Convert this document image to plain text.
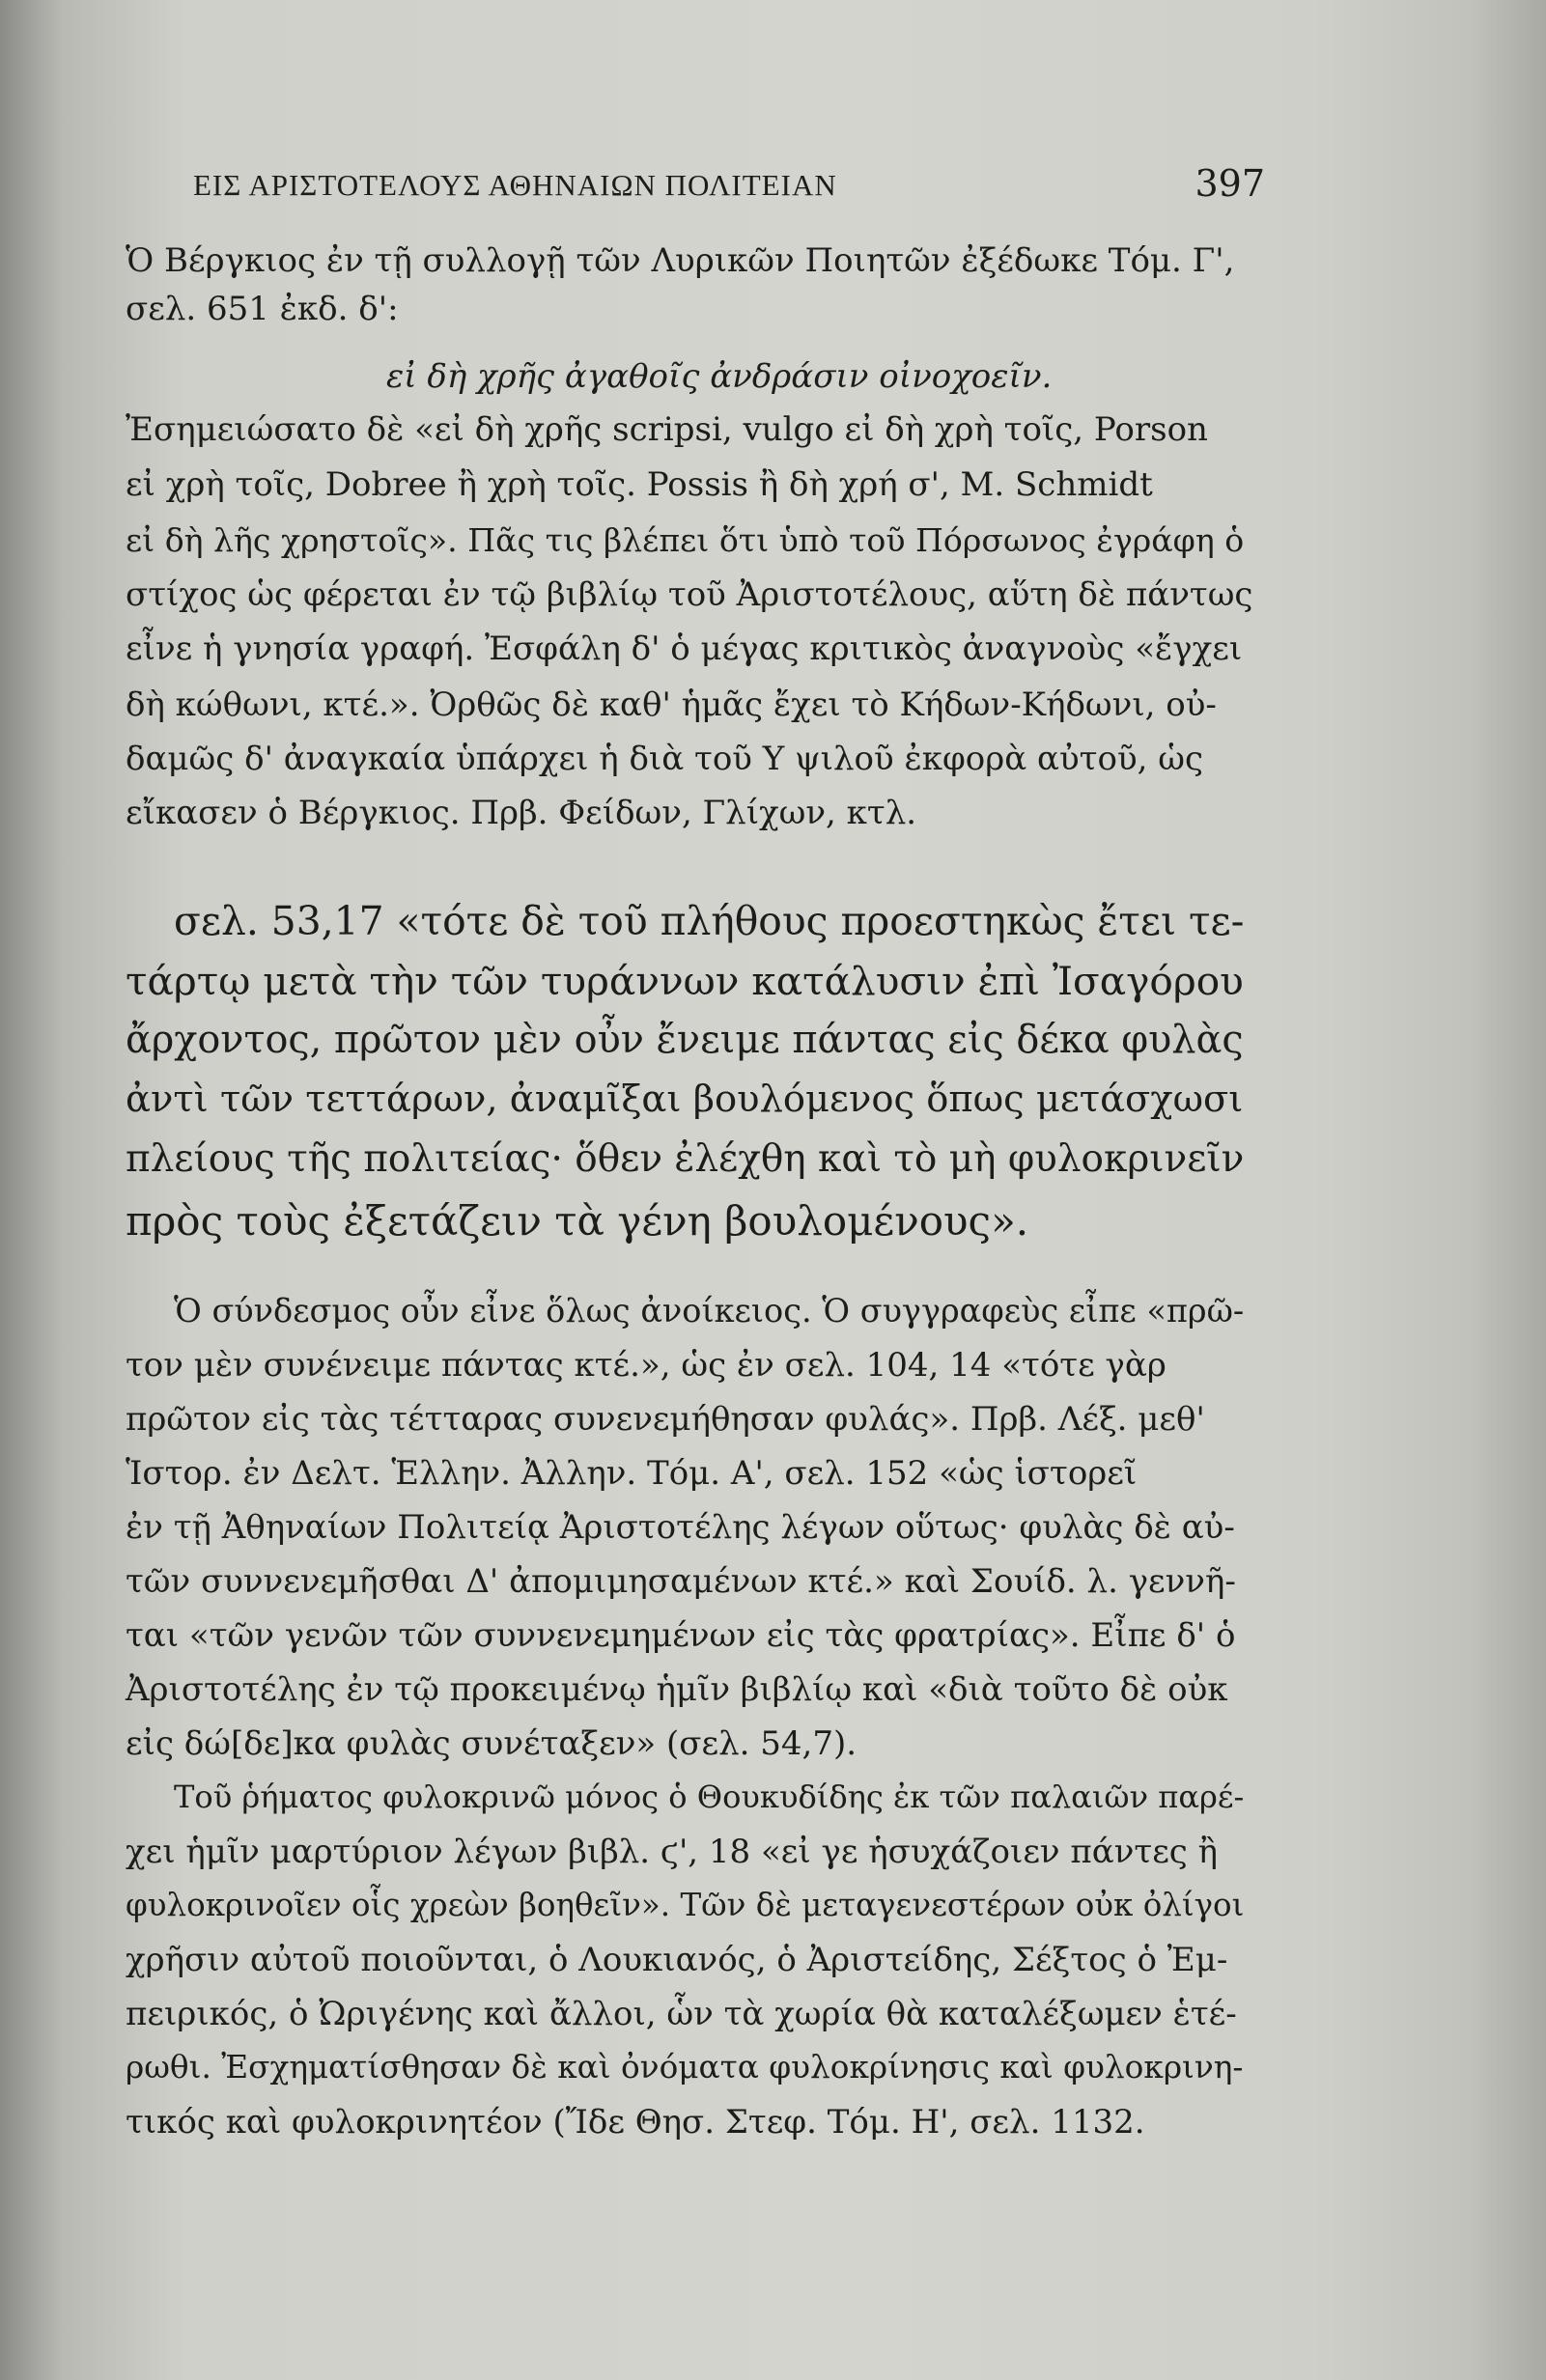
ΕΙΣ ΑΡΙΣΤΟΤΕΛΟΥΣ ΑΘΗΝΑΙΩΝ ΠΟΛΙΤΕΙΑΝ	397
Ὁ Βέργκιος ἐν τῇ συλλογῇ τῶν Λυρικῶν Ποιητῶν ἐξέδωκε Τόμ. Γ',
σελ. 651 ἐκδ. δ':
εἰ δὴ χρῆς ἀγαθοῖς ἀνδράσιν οἰνοχοεῖν.
Ἐσημειώσατο δὲ «εἰ δὴ χρῆς scripsi, vulgo εἰ δὴ χρὴ τοῖς, Porson
εἰ χρὴ τοῖς, Dobree ἢ χρὴ τοῖς. Possis ἢ δὴ χρή σ', M. Schmidt
εἰ δὴ λῆς χρηστοῖς». Πᾶς τις βλέπει ὅτι ὑπὸ τοῦ Πόρσωνος ἐγράφη ὁ
στίχος ὡς φέρεται ἐν τῷ βιβλίῳ τοῦ Ἀριστοτέλους, αὕτη δὲ πάντως
εἶνε ἡ γνησία γραφή. Ἐσφάλη δ' ὁ μέγας κριτικὸς ἀναγνοὺς «ἔγχει
δὴ κώθωνι, κτέ.». Ὀρθῶς δὲ καθ' ἡμᾶς ἔχει τὸ Κήδων-Κήδωνι, οὐ-
δαμῶς δ' ἀναγκαία ὑπάρχει ἡ διὰ τοῦ Υ ψιλοῦ ἐκφορὰ αὐτοῦ, ὡς
εἴκασεν ὁ Βέργκιος. Πρβ. Φείδων, Γλίχων, κτλ.
σελ. 53,17 «τότε δὲ τοῦ πλήθους προεστηκὼς ἔτει τε-
τάρτῳ μετὰ τὴν τῶν τυράννων κατάλυσιν ἐπὶ Ἰσαγόρου
ἄρχοντος, πρῶτον μὲν οὖν ἔνειμε πάντας εἰς δέκα φυλὰς
ἀντὶ τῶν τεττάρων, ἀναμῖξαι βουλόμενος ὅπως μετάσχωσι
πλείους τῆς πολιτείας· ὅθεν ἐλέχθη καὶ τὸ μὴ φυλοκρινεῖν
πρὸς τοὺς ἐξετάζειν τὰ γένη βουλομένους».
Ὁ σύνδεσμος οὖν εἶνε ὅλως ἀνοίκειος. Ὁ συγγραφεὺς εἶπε «πρῶ-
τον μὲν συνένειμε πάντας κτέ.», ὡς ἐν σελ. 104, 14 «τότε γὰρ
πρῶτον εἰς τὰς τέτταρας συνενεμήθησαν φυλάς». Πρβ. Λέξ. μεθ'
Ἱστορ. ἐν Δελτ. Ἑλλην. Ἀλλην. Τόμ. Α', σελ. 152 «ὡς ἱστορεῖ
ἐν τῇ Ἀθηναίων Πολιτείᾳ Ἀριστοτέλης λέγων οὕτως· φυλὰς δὲ αὐ-
τῶν συννενεμῆσθαι Δ' ἀπομιμησαμένων κτέ.» καὶ Σουίδ. λ. γεννῆ-
ται «τῶν γενῶν τῶν συννενεμημένων εἰς τὰς φρατρίας». Εἶπε δ' ὁ
Ἀριστοτέλης ἐν τῷ προκειμένῳ ἡμῖν βιβλίῳ καὶ «διὰ τοῦτο δὲ οὐκ
εἰς δώ[δε]κα φυλὰς συνέταξεν» (σελ. 54,7).
Τοῦ ῥήματος φυλοκρινῶ μόνος ὁ Θουκυδίδης ἐκ τῶν παλαιῶν παρέ-
χει ἡμῖν μαρτύριον λέγων βιβλ. ϛ', 18 «εἰ γε ἡσυχάζοιεν πάντες ἢ
φυλοκρινοῖεν οἷς χρεὼν βοηθεῖν». Τῶν δὲ μεταγενεστέρων οὐκ ὀλίγοι
χρῆσιν αὐτοῦ ποιοῦνται, ὁ Λουκιανός, ὁ Ἀριστείδης, Σέξτος ὁ Ἐμ-
πειρικός, ὁ Ὠριγένης καὶ ἄλλοι, ὧν τὰ χωρία θὰ καταλέξωμεν ἑτέ-
ρωθι. Ἐσχηματίσθησαν δὲ καὶ ὀνόματα φυλοκρίνησις καὶ φυλοκρινη-
τικός καὶ φυλοκρινητέον (Ἴδε Θησ. Στεφ. Τόμ. Η', σελ. 1132.
